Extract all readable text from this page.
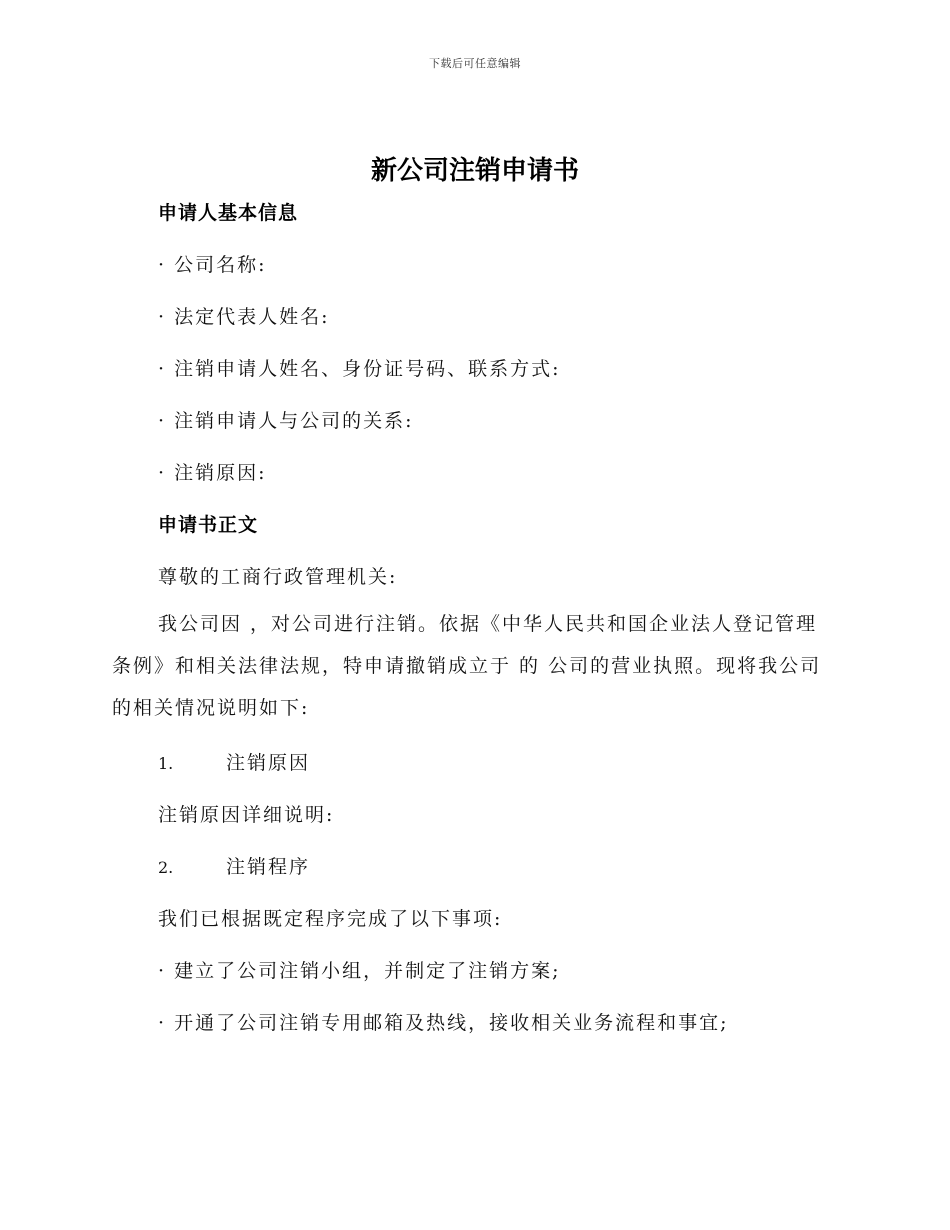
下载后可任意编辑
新公司注销申请书
申请人基本信息
· 公司名称:
· 法定代表人姓名:
· 注销申请人姓名、身份证号码、联系方式:
· 注销申请人与公司的关系:
· 注销原因:
申请书正文
尊敬的工商行政管理机关:
我公司因 ，对公司进行注销。依据《中华人民共和国企业法人登记管理条例》和相关法律法规，特申请撤销成立于 的 公司的营业执照。现将我公司的相关情况说明如下:
1.	注销原因
注销原因详细说明:
2.	注销程序
我们已根据既定程序完成了以下事项:
· 建立了公司注销小组，并制定了注销方案;
· 开通了公司注销专用邮箱及热线，接收相关业务流程和事宜;
